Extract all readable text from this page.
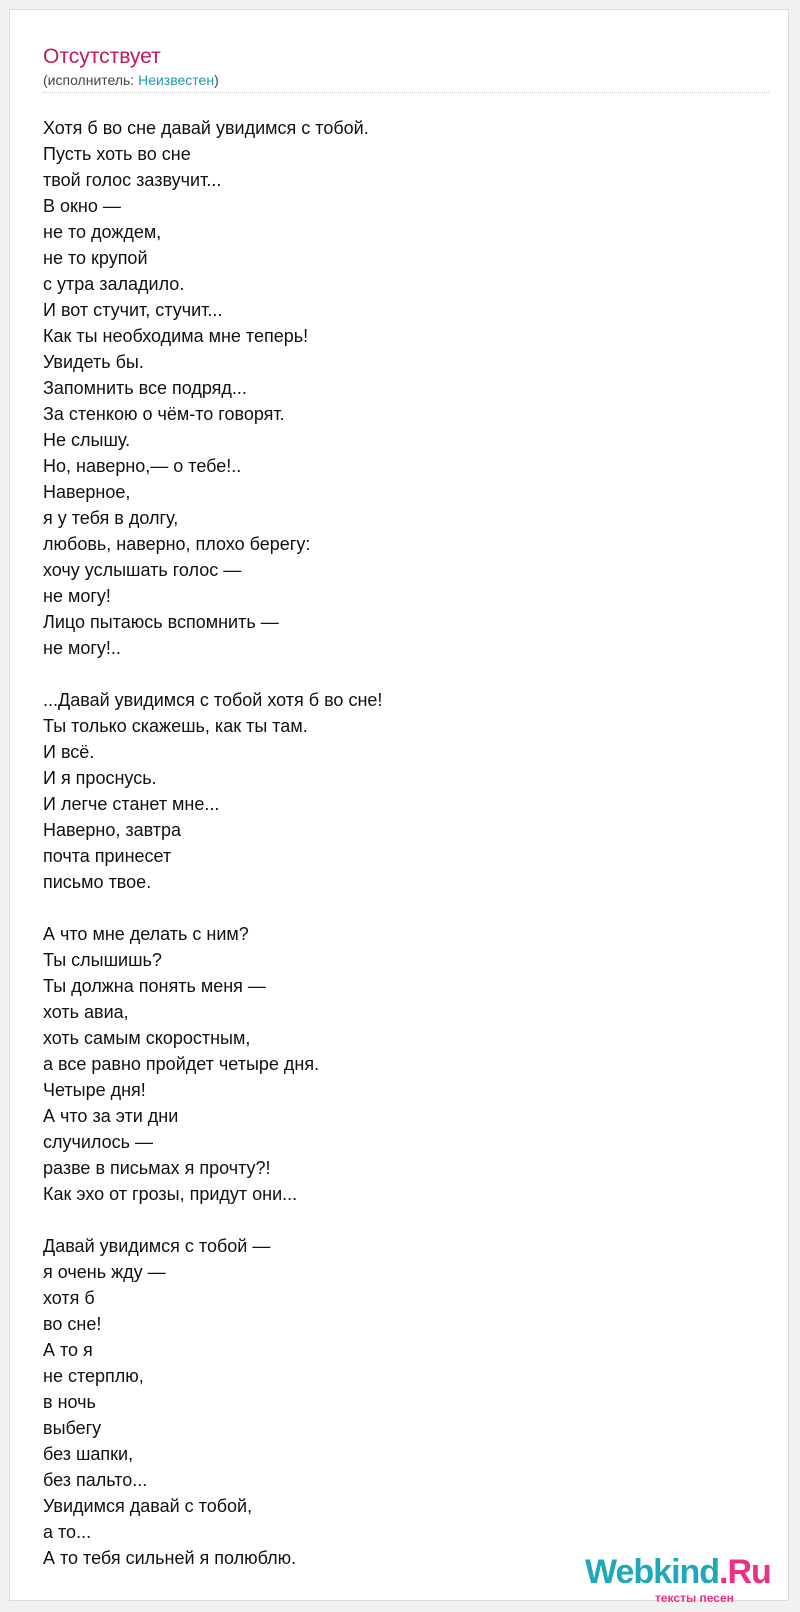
Отсутствует
(исполнитель: Неизвестен)
Хотя б во сне давай увидимся с тобой.
Пусть хоть во сне
твой голос зазвучит...
В окно —
не то дождем,
не то крупой
с утра заладило.
И вот стучит, стучит...
Как ты необходима мне теперь!
Увидеть бы.
Запомнить все подряд...
За стенкою о чём-то говорят.
Не слышу.
Но, наверно,— о тебе!..
Наверное,
я у тебя в долгу,
любовь, наверно, плохо берегу:
хочу услышать голос —
не могу!
Лицо пытаюсь вспомнить —
не могу!..
...Давай увидимся с тобой хотя б во сне!
Ты только скажешь, как ты там.
И всё.
И я проснусь.
И легче станет мне...
Наверно, завтра
почта принесет
письмо твое.
А что мне делать с ним?
Ты слышишь?
Ты должна понять меня —
хоть авиа,
хоть самым скоростным,
а все равно пройдет четыре дня.
Четыре дня!
А что за эти дни
случилось —
разве в письмах я прочту?!
Как эхо от грозы, придут они...
Давай увидимся с тобой —
я очень жду —
хотя б
во сне!
А то я
не стерплю,
в ночь
выбегу
без шапки,
без пальто...
Увидимся давай с тобой,
а то...
А то тебя сильней я полюблю.	Webkind.Ru
тексты песен
